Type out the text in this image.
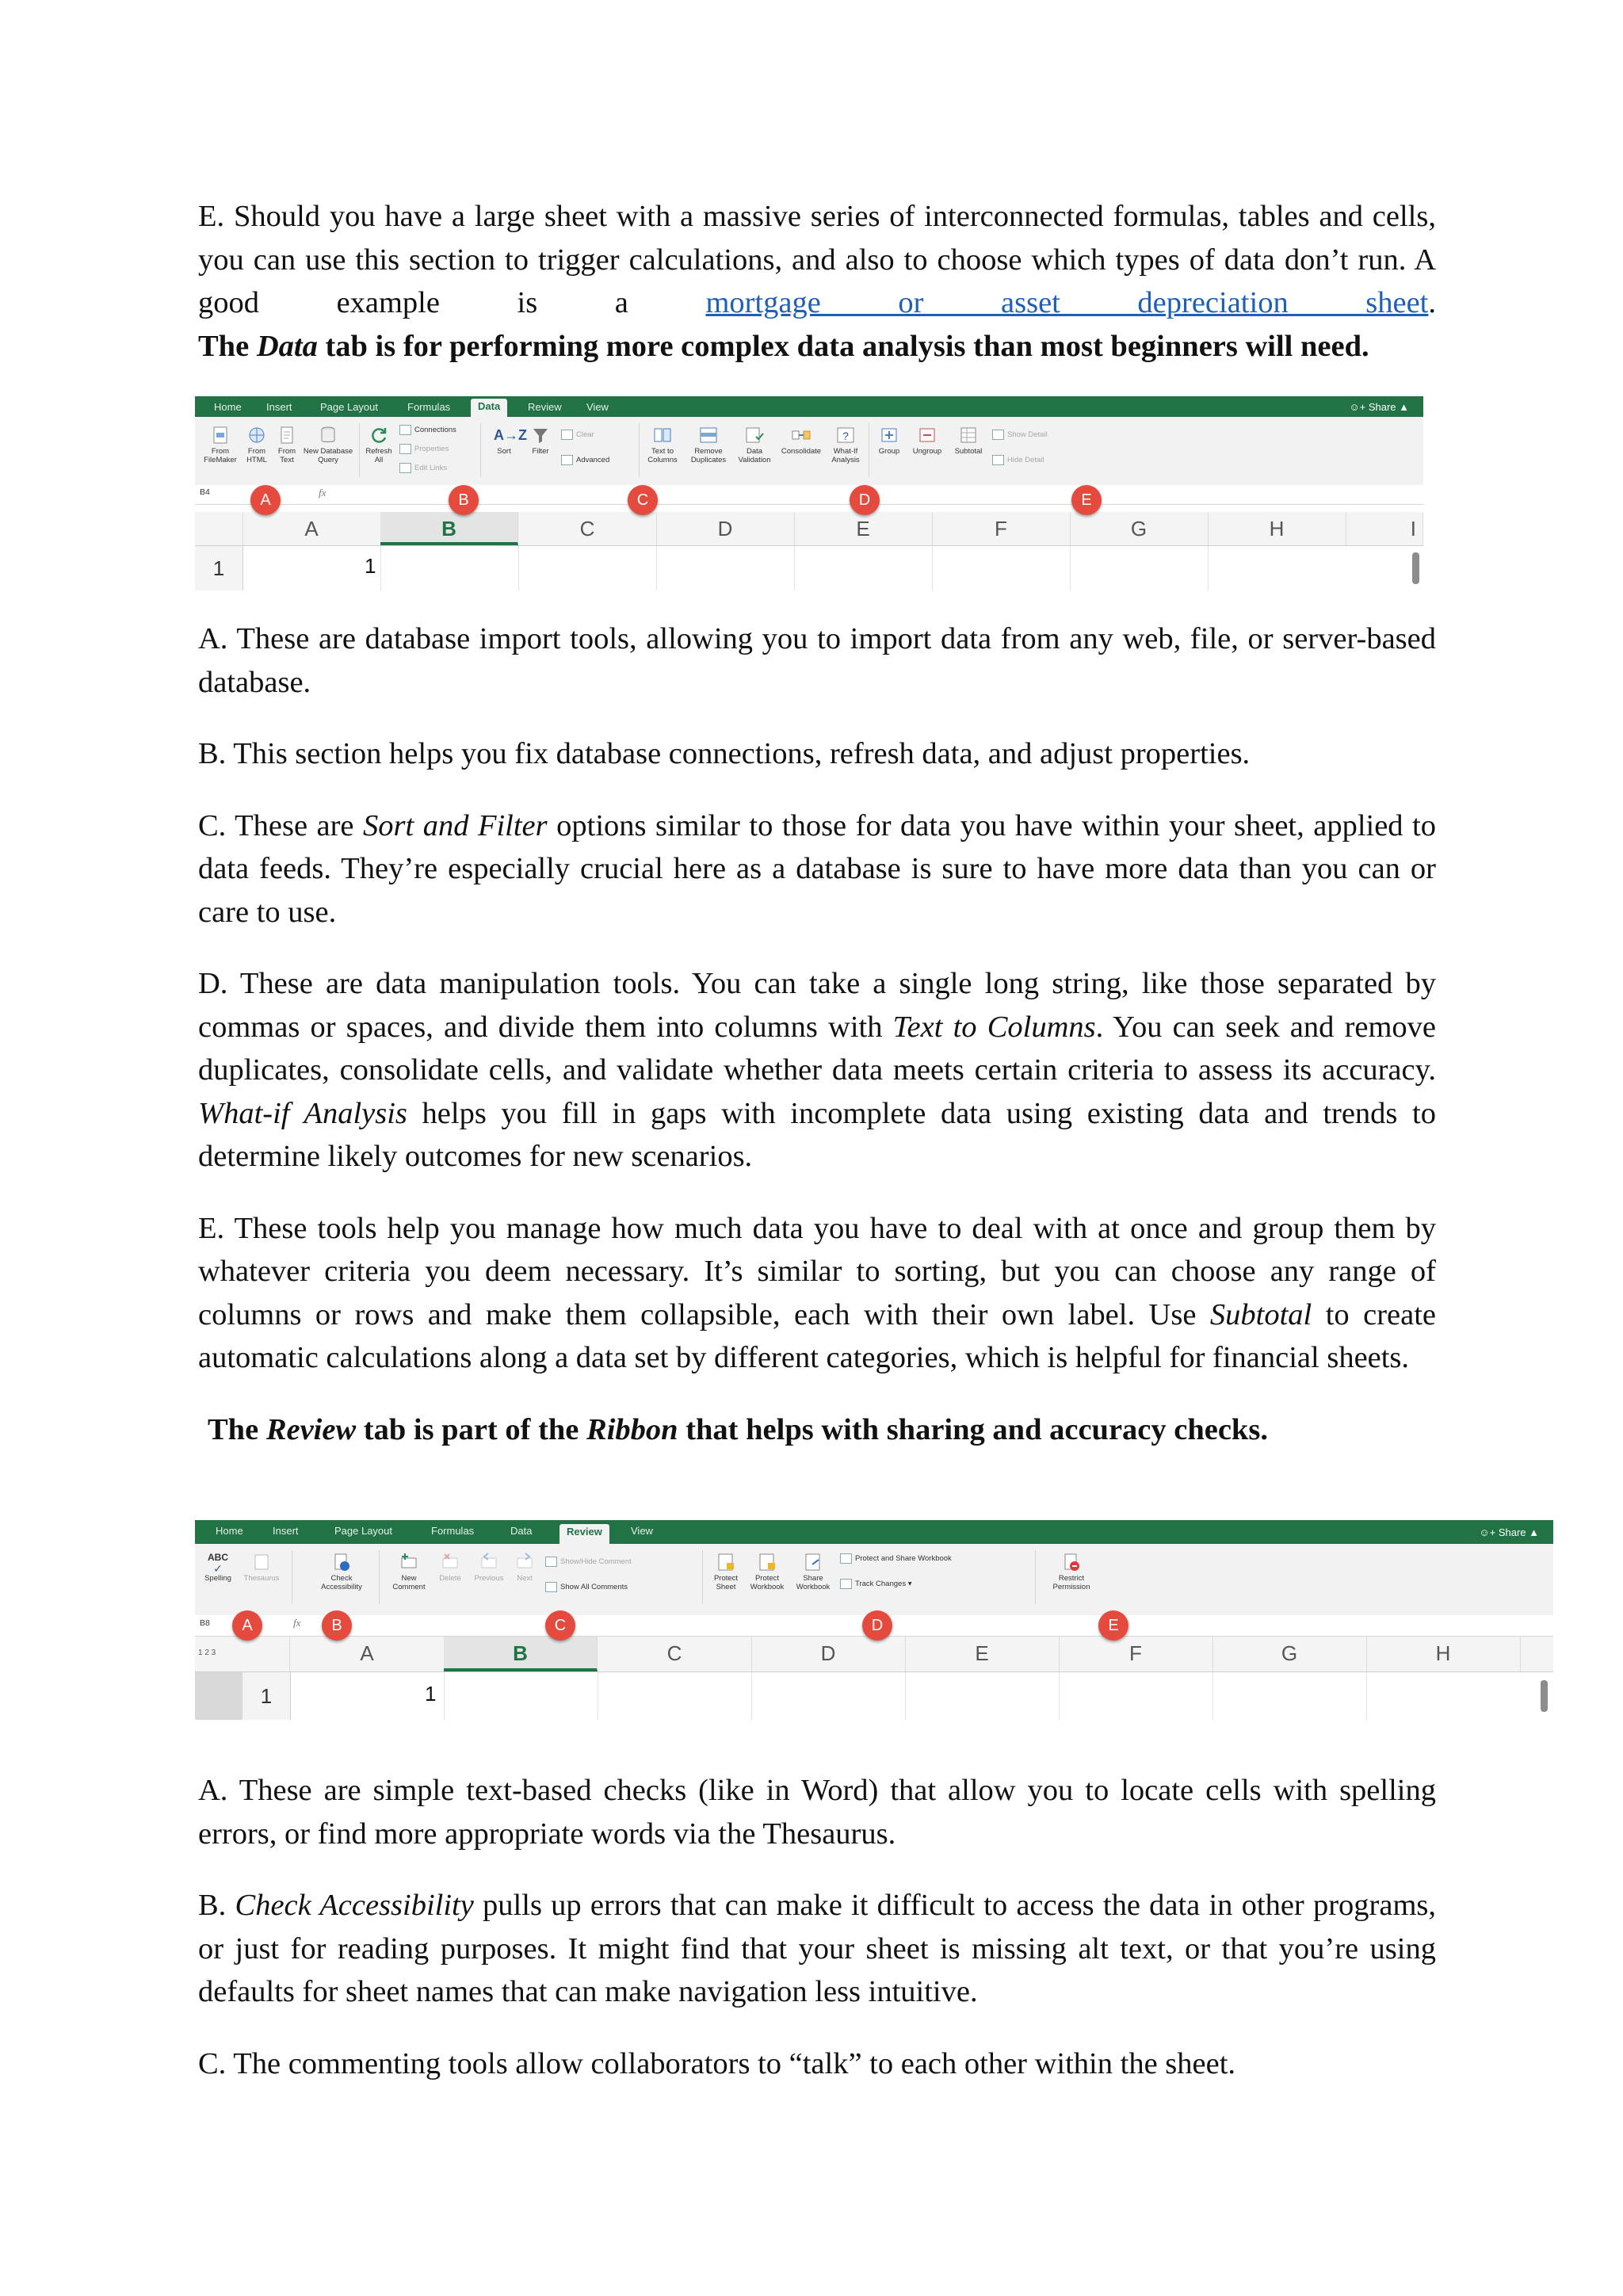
E. Should you have a large sheet with a massive series of interconnected formulas, tables and cells, you can use this section to trigger calculations, and also to choose which types of data don’t run. A good example is a mortgage or asset depreciation sheet.

The Data tab is for performing more complex data analysis than most beginners will need.

Home Insert	Page Layout	Formulas	Data	Review View	☺+ Share ▲
From FileMaker
From HTML
From Text
New Database Query
Refresh All
Connections
Properties
Edit Links
A→Z
Sort	Filter
Clear
Advanced
Text to Columns
Remove Duplicates
Data Validation
Consolidate
?
What-If Analysis
Group	Ungroup	Subtotal
Show Detail
Hide Detail
B4	fx
A	B	C	D	E	F	G	H	I
1	1
A	B	C	D	E

A. These are database import tools, allowing you to import data from any web, file, or server-based database.

B. This section helps you fix database connections, refresh data, and adjust properties.

C. These are Sort and Filter options similar to those for data you have within your sheet, applied to data feeds. They’re especially crucial here as a database is sure to have more data than you can or care to use.

D. These are data manipulation tools. You can take a single long string, like those separated by commas or spaces, and divide them into columns with Text to Columns. You can seek and remove duplicates, consolidate cells, and validate whether data meets certain criteria to assess its accuracy. What-if Analysis helps you fill in gaps with incomplete data using existing data and trends to determine likely outcomes for new scenarios.

E. These tools help you manage how much data you have to deal with at once and group them by whatever criteria you deem necessary. It’s similar to sorting, but you can choose any range of columns or rows and make them collapsible, each with their own label. Use Subtotal to create automatic calculations along a data set by different categories, which is helpful for financial sheets.

The Review tab is part of the Ribbon that helps with sharing and accuracy checks.

Home	Insert	Page Layout	Formulas	Data	Review	View	☺+ Share ▲
ABC
✓
Spelling	Thesaurus	Check Accessibility
New Comment
Delete	Previous	Next
Show/Hide Comment
Show All Comments
Protect Sheet
Protect Workbook
Share Workbook
Protect and Share Workbook
Track Changes ▾
Restrict Permission
B8	fx
1 2 3	A	B	C	D	E	F	G	H
1	1
A	B	C	D	E

A. These are simple text-based checks (like in Word) that allow you to locate cells with spelling errors, or find more appropriate words via the Thesaurus.

B. Check Accessibility pulls up errors that can make it difficult to access the data in other programs, or just for reading purposes. It might find that your sheet is missing alt text, or that you’re using defaults for sheet names that can make navigation less intuitive.

C. The commenting tools allow collaborators to “talk” to each other within the sheet.
